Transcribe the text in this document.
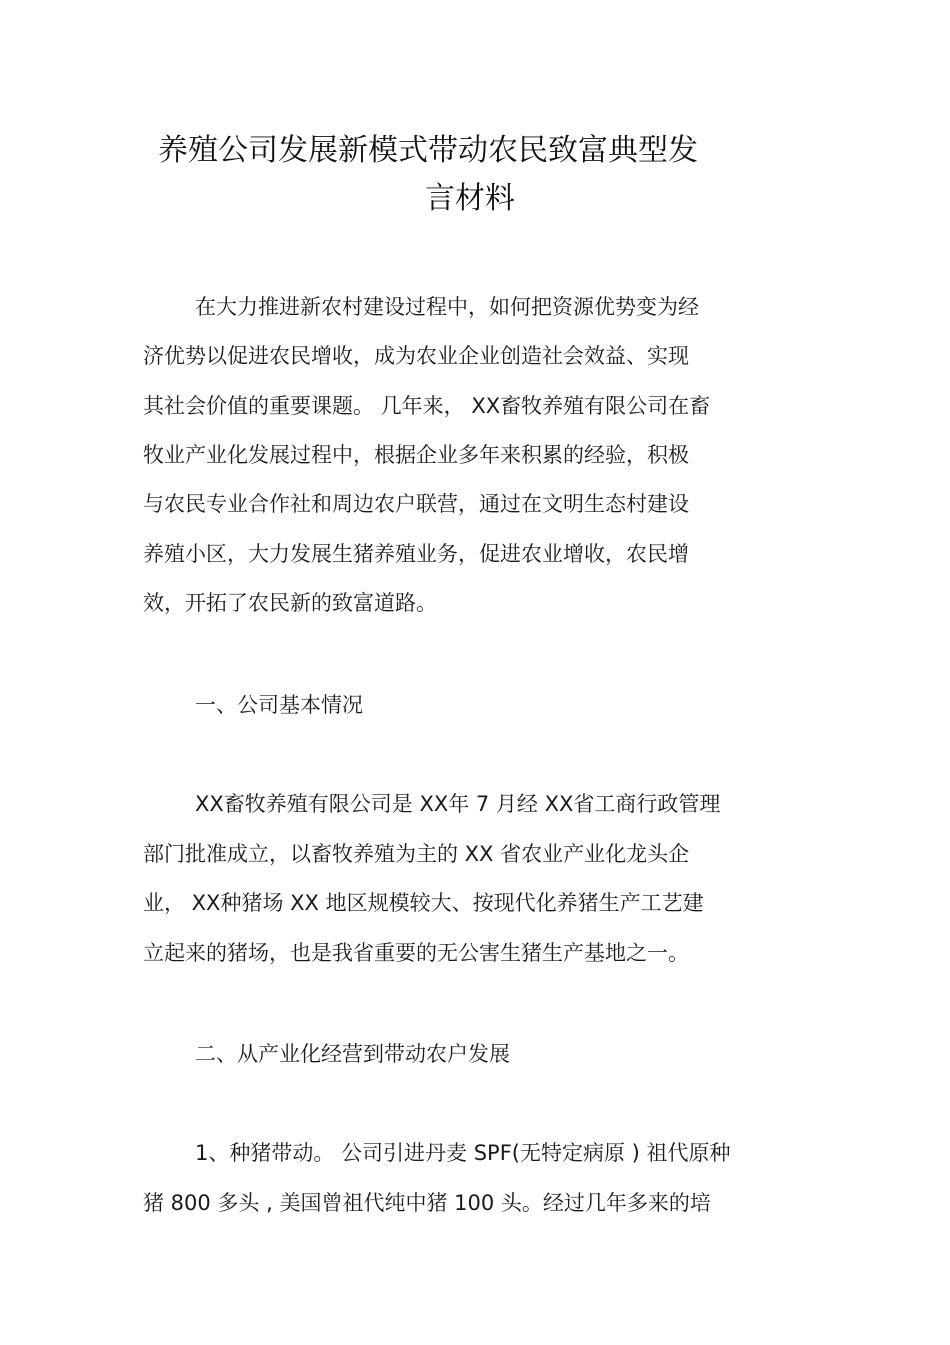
养殖公司发展新模式带动农民致富典型发
言材料
在大力推进新农村建设过程中，如何把资源优势变为经
济优势以促进农民增收，成为农业企业创造社会效益、实现
其社会价值的重要课题。 几年来， XX畜牧养殖有限公司在畜
牧业产业化发展过程中，根据企业多年来积累的经验，积极
与农民专业合作社和周边农户联营，通过在文明生态村建设
养殖小区，大力发展生猪养殖业务，促进农业增收，农民增
效，开拓了农民新的致富道路。
一、公司基本情况
XX畜牧养殖有限公司是 XX年 7 月经 XX省工商行政管理
部门批准成立，以畜牧养殖为主的 XX 省农业产业化龙头企
业， XX种猪场 XX 地区规模较大、按现代化养猪生产工艺建
立起来的猪场，也是我省重要的无公害生猪生产基地之一。
二、从产业化经营到带动农户发展
1、种猪带动。 公司引进丹麦 SPF(无特定病原 ) 祖代原种
猪 800 多头 , 美国曾祖代纯中猪 100 头。经过几年多来的培
